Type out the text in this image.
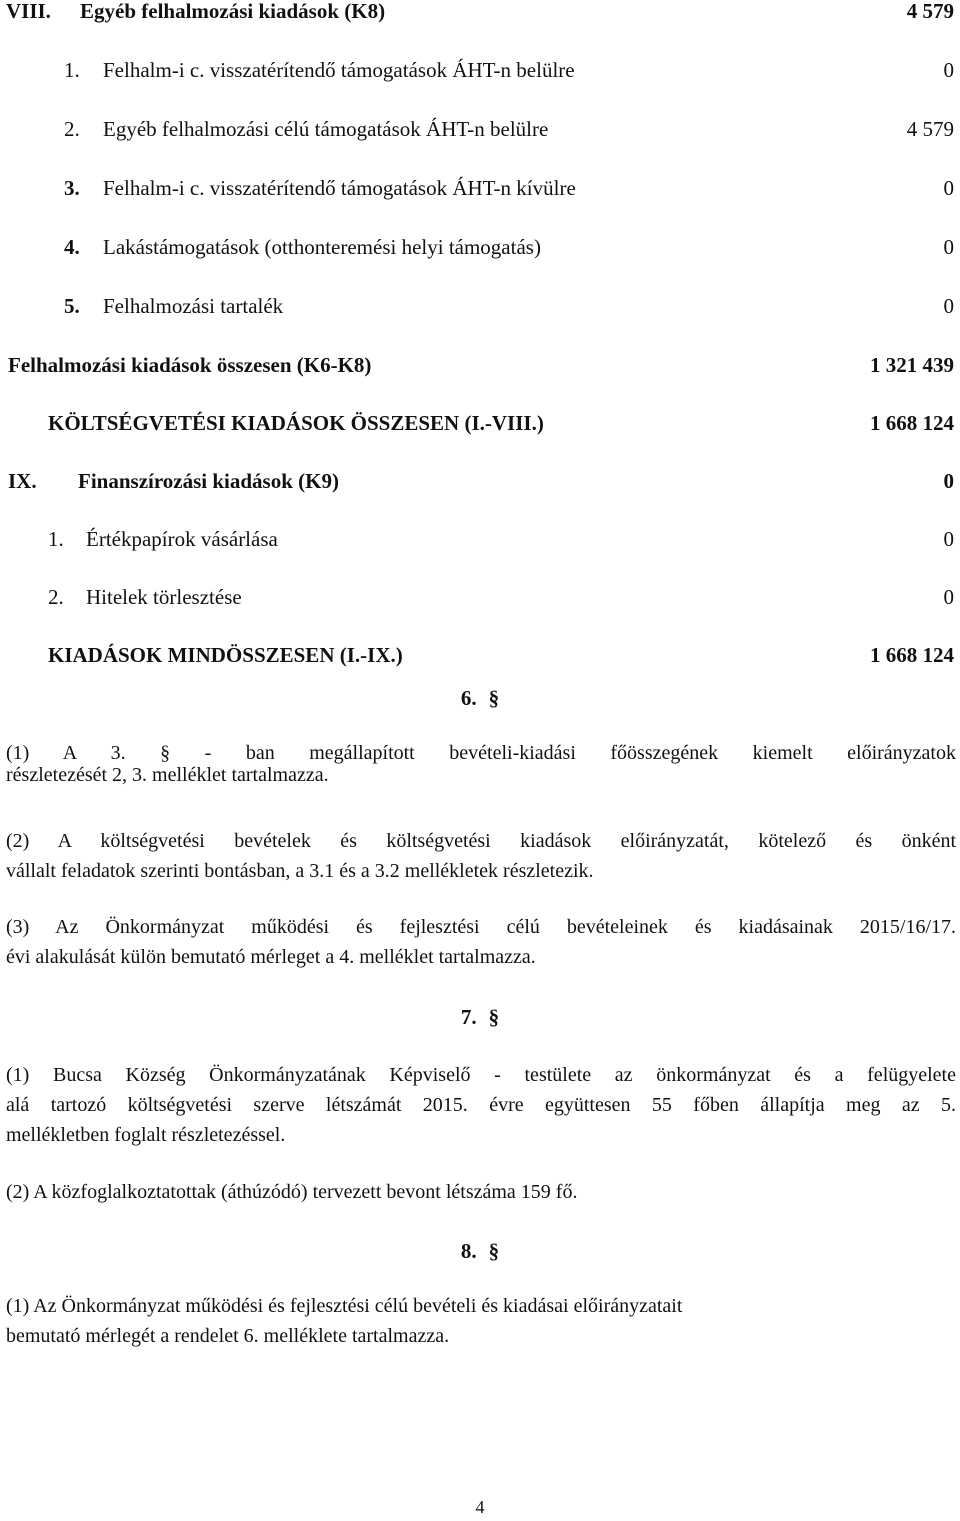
VIII. Egyéb felhalmozási kiadások (K8)	4 579
1. Felhalm-i c. visszatérítendő támogatások ÁHT-n belülre	0
2. Egyéb felhalmozási célú támogatások ÁHT-n belülre	4 579
3. Felhalm-i c. visszatérítendő támogatások ÁHT-n kívülre	0
4. Lakástámogatások (otthonteremési helyi támogatás)	0
5. Felhalmozási tartalék	0
Felhalmozási kiadások összesen (K6-K8)	1 321 439
KÖLTSÉGVETÉSI KIADÁSOK ÖSSZESEN (I.-VIII.)	1 668 124
IX. Finanszírozási kiadások (K9)	0
1. Értékpapírok vásárlása	0
2. Hitelek törlesztése	0
KIADÁSOK MINDÖSSZESEN (I.-IX.)	1 668 124
6. §
(1) A 3. § - ban megállapított bevételi-kiadási főösszegének kiemelt előirányzatok
részletezését 2, 3. melléklet tartalmazza.
(2) A költségvetési bevételek és költségvetési kiadások előirányzatát, kötelező és önként
vállalt feladatok szerinti bontásban, a 3.1 és a 3.2 mellékletek részletezik.
(3) Az Önkormányzat működési és fejlesztési célú bevételeinek és kiadásainak 2015/16/17.
évi alakulását külön bemutató mérleget a 4. melléklet tartalmazza.
7. §
(1) Bucsa Község Önkormányzatának Képviselő - testülete az önkormányzat és a felügyelete
alá tartozó költségvetési szerve létszámát 2015. évre együttesen 55 főben állapítja meg az 5.
mellékletben foglalt részletezéssel.
(2) A közfoglalkoztatottak (áthúzódó) tervezett bevont létszáma 159 fő.
8. §
(1) Az Önkormányzat működési és fejlesztési célú bevételi és kiadásai előirányzatait
bemutató mérlegét a rendelet 6. melléklete tartalmazza.
4
